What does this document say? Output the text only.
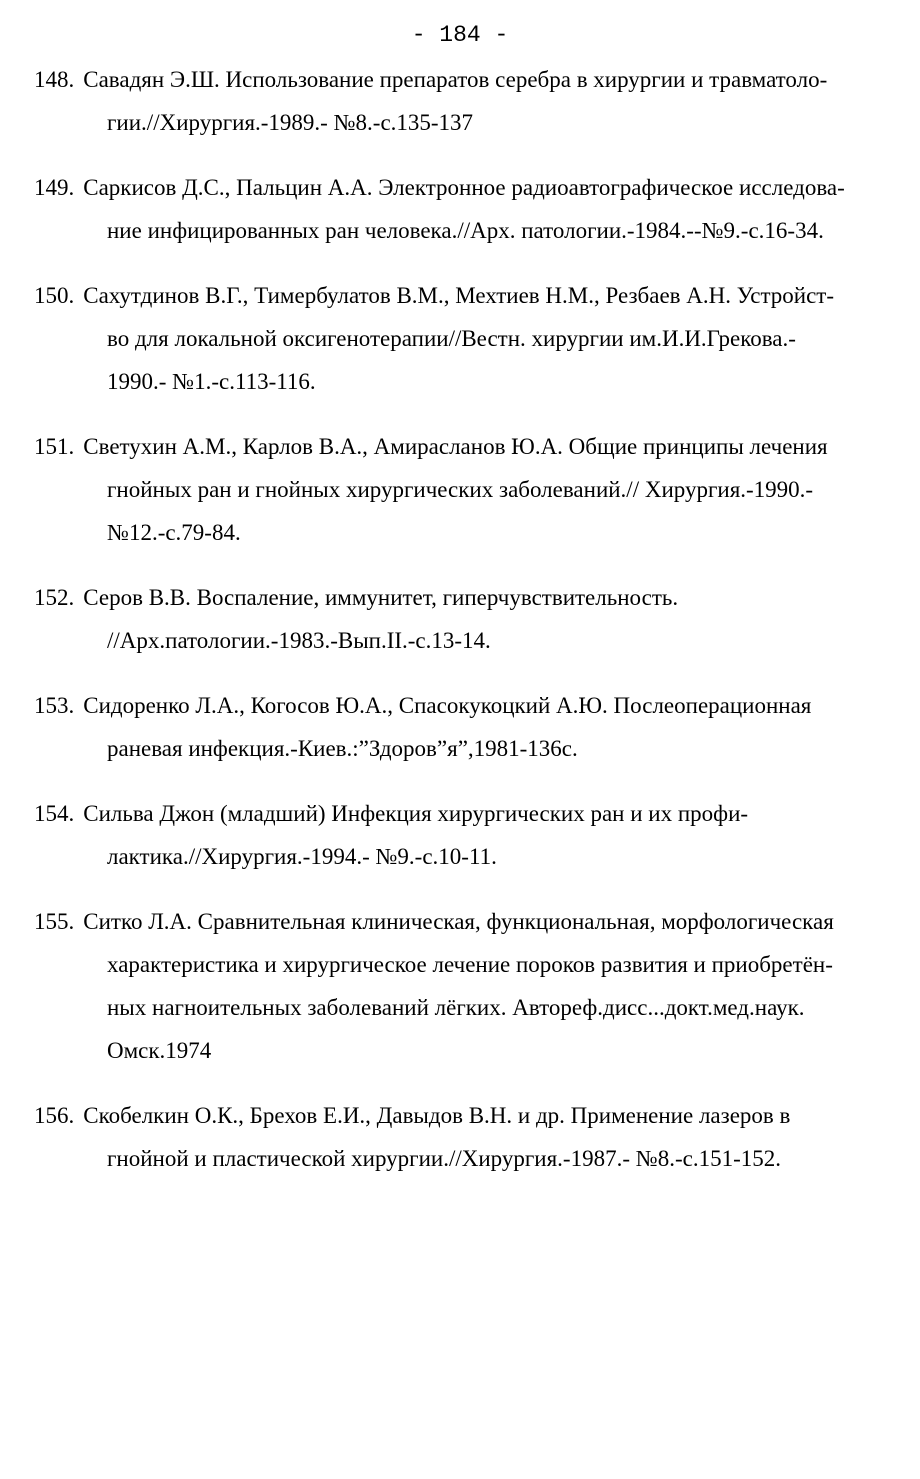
- 184 -
148. Савадян Э.Ш. Использование препаратов серебра в хирургии и травматоло-
гии.//Хирургия.-1989.- №8.-с.135-137
149. Саркисов Д.С., Пальцин А.А. Электронное радиоавтографическое исследова-
ние инфицированных ран человека.//Арх. патологии.-1984.--№9.-с.16-34.
150. Сахутдинов В.Г., Тимербулатов В.М., Мехтиев Н.М., Резбаев А.Н. Устройст-
во для локальной оксигенотерапии//Вестн. хирургии им.И.И.Грекова.-
1990.- №1.-с.113-116.
151. Светухин А.М., Карлов В.А., Амирасланов Ю.А. Общие принципы лечения
гнойных ран и гнойных хирургических заболеваний.// Хирургия.-1990.-
№12.-с.79-84.
152. Серов В.В. Воспаление, иммунитет, гиперчувствительность.
//Арх.патологии.-1983.-Вып.II.-с.13-14.
153. Сидоренко Л.А., Когосов Ю.А., Спасокукоцкий А.Ю. Послеоперационная
раневая инфекция.-Киев.:”Здоров”я”,1981-136с.
154. Сильва Джон (младший) Инфекция хирургических ран и их профи-
лактика.//Хирургия.-1994.- №9.-с.10-11.
155. Ситко Л.А. Сравнительная клиническая, функциональная, морфологическая
характеристика и хирургическое лечение пороков развития и приобретён-
ных нагноительных заболеваний лёгких. Автореф.дисс...докт.мед.наук.
Омск.1974
156. Скобелкин О.К., Брехов Е.И., Давыдов В.Н. и др. Применение лазеров в
гнойной и пластической хирургии.//Хирургия.-1987.- №8.-с.151-152.
